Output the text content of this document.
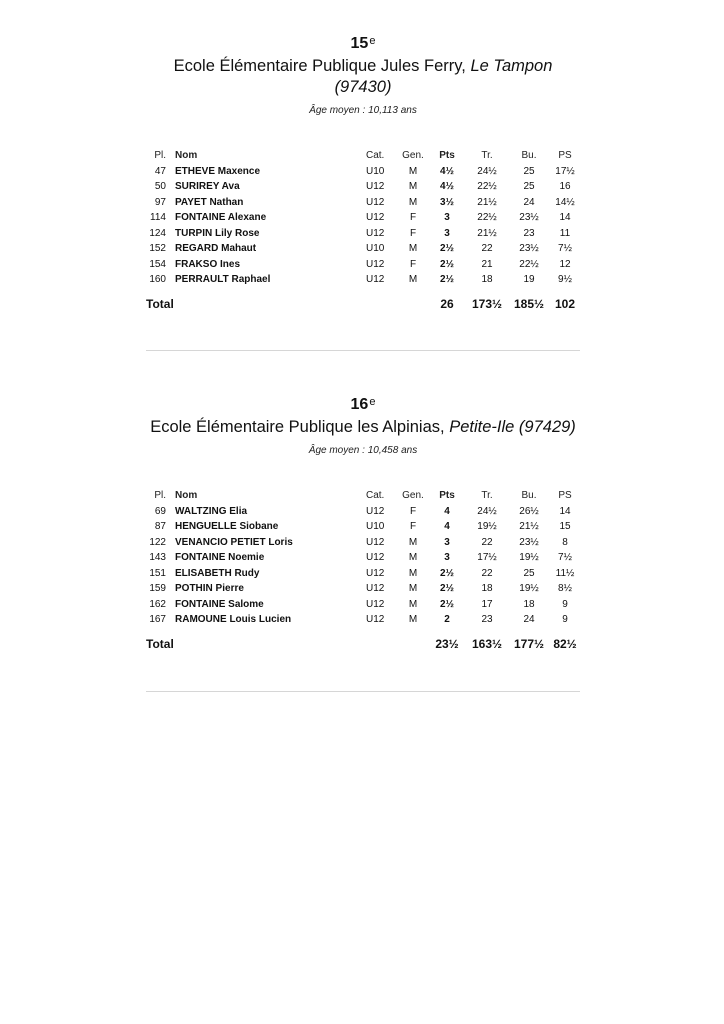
15e
Ecole Élémentaire Publique Jules Ferry, Le Tampon
(97430)
Âge moyen : 10,113 ans
Pl.	Nom	Cat.	Gen.	Pts	Tr.	Bu.	PS
47	ETHEVE Maxence	U10	M	4½	24½	25	17½
50	SURIREY Ava	U12	M	4½	22½	25	16
97	PAYET Nathan	U12	M	3½	21½	24	14½
114	FONTAINE Alexane	U12	F	3	22½	23½	14
124	TURPIN Lily Rose	U12	F	3	21½	23	11
152	REGARD Mahaut	U10	M	2½	22	23½	7½
154	FRAKSO Ines	U12	F	2½	21	22½	12
160	PERRAULT Raphael	U12	M	2½	18	19	9½
Total				26	173½	185½	102
16e
Ecole Élémentaire Publique les Alpinias, Petite-Ile (97429)
Âge moyen : 10,458 ans
Pl.	Nom	Cat.	Gen.	Pts	Tr.	Bu.	PS
69	WALTZING Elia	U12	F	4	24½	26½	14
87	HENGUELLE Siobane	U10	F	4	19½	21½	15
122	VENANCIO PETIET Loris	U12	M	3	22	23½	8
143	FONTAINE Noemie	U12	M	3	17½	19½	7½
151	ELISABETH Rudy	U12	M	2½	22	25	11½
159	POTHIN Pierre	U12	M	2½	18	19½	8½
162	FONTAINE Salome	U12	M	2½	17	18	9
167	RAMOUNE Louis Lucien	U12	M	2	23	24	9
Total				23½	163½	177½	82½
